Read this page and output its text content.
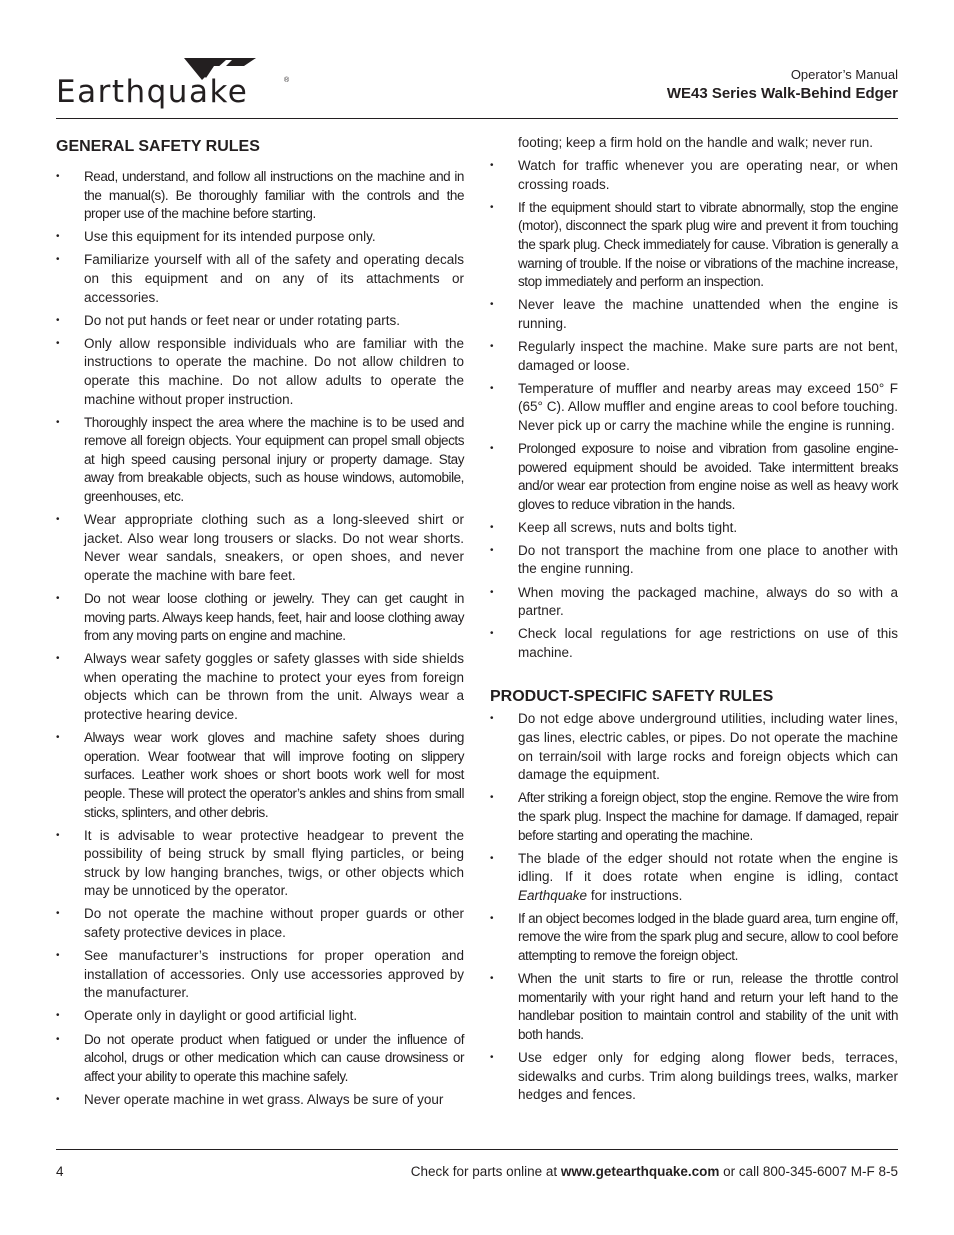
Earthquake	®	Operator’s Manual
WE43 Series Walk-Behind Edger
GENERAL SAFETY RULES
•	Read, understand, and follow all instructions on the machine and in the manual(s). Be thoroughly familiar with the controls and the proper use of the machine before starting.
•	Use this equipment for its intended purpose only.
•	Familiarize yourself with all of the safety and operating decals on this equipment and on any of its attachments or accessories.
•	Do not put hands or feet near or under rotating parts.
•	Only allow responsible individuals who are familiar with the instructions to operate the machine. Do not allow children to operate this machine. Do not allow adults to operate the machine without proper instruction.
•	Thoroughly inspect the area where the machine is to be used and remove all foreign objects. Your equipment can propel small objects at high speed causing personal injury or property damage. Stay away from breakable objects, such as house windows, automobile, greenhouses, etc.
•	Wear appropriate clothing such as a long-sleeved shirt or jacket. Also wear long trousers or slacks. Do not wear shorts. Never wear sandals, sneakers, or open shoes, and never operate the machine with bare feet.
•	Do not wear loose clothing or jewelry. They can get caught in moving parts. Always keep hands, feet, hair and loose clothing away from any moving parts on engine and machine.
•	Always wear safety goggles or safety glasses with side shields when operating the machine to protect your eyes from foreign objects which can be thrown from the unit. Always wear a protective hearing device.
•	Always wear work gloves and machine safety shoes during operation. Wear footwear that will improve footing on slippery surfaces. Leather work shoes or short boots work well for most people. These will protect the operator’s ankles and shins from small sticks, splinters, and other debris.
•	It is advisable to wear protective headgear to prevent the possibility of being struck by small flying particles, or being struck by low hanging branches, twigs, or other objects which may be unnoticed by the operator.
•	Do not operate the machine without proper guards or other safety protective devices in place.
•	See manufacturer’s instructions for proper operation and installation of accessories. Only use accessories approved by the manufacturer.
•	Operate only in daylight or good artificial light.
•	Do not operate product when fatigued or under the influence of alcohol, drugs or other medication which can cause drowsiness or affect your ability to operate this machine safely.
•	Never operate machine in wet grass. Always be sure of your

footing; keep a firm hold on the handle and walk; never run.

•	Watch for traffic whenever you are operating near, or when crossing roads.
•	If the equipment should start to vibrate abnormally, stop the engine (motor), disconnect the spark plug wire and prevent it from touching the spark plug. Check immediately for cause. Vibration is generally a warning of trouble. If the noise or vibrations of the machine increase, stop immediately and perform an inspection.
•	Never leave the machine unattended when the engine is running.
•	Regularly inspect the machine. Make sure parts are not bent, damaged or loose.
•	Temperature of muffler and nearby areas may exceed 150° F (65° C). Allow muffler and engine areas to cool before touching. Never pick up or carry the machine while the engine is running.
•	Prolonged exposure to noise and vibration from gasoline engine-powered equipment should be avoided. Take intermittent breaks and/or wear ear protection from engine noise as well as heavy work gloves to reduce vibration in the hands.
•	Keep all screws, nuts and bolts tight.
•	Do not transport the machine from one place to another with the engine running.
•	When moving the packaged machine, always do so with a partner.
•	Check local regulations for age restrictions on use of this machine.
PRODUCT-SPECIFIC SAFETY RULES
•	Do not edge above underground utilities, including water lines, gas lines, electric cables, or pipes. Do not operate the machine on terrain/soil with large rocks and foreign objects which can damage the equipment.
•	After striking a foreign object, stop the engine. Remove the wire from the spark plug. Inspect the machine for damage. If damaged, repair before starting and operating the machine.
•	The blade of the edger should not rotate when the engine is idling. If it does rotate when engine is idling, contact Earthquake for instructions.
•	If an object becomes lodged in the blade guard area, turn engine off, remove the wire from the spark plug and secure, allow to cool before attempting to remove the foreign object.
•	When the unit starts to fire or run, release the throttle control momentarily with your right hand and return your left hand to the handlebar position to maintain control and stability of the unit with both hands.
•	Use edger only for edging along flower beds, terraces, sidewalks and curbs. Trim along buildings trees, walks, marker hedges and fences.
4	Check for parts online at www.getearthquake.com or call 800-345-6007 M-F 8-5
